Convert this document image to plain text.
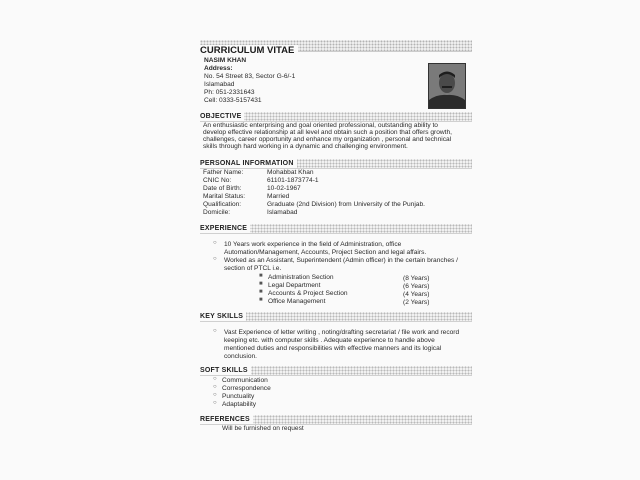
CURRICULUM VITAE
NASIM KHAN
Address:
No. 54 Street 83, Sector G-6/-1
Islamabad
Ph: 051-2331643
Cell: 0333-5157431
OBJECTIVE
An enthusiastic enterprising and goal oriented professional, outstanding ability to
develop effective relationship at all level and obtain such a position that offers growth,
challenges, career opportunity and enhance my organization , personal and technical
skills through hard working in a dynamic and challenging environment.
PERSONAL INFORMATION
Father Name:	Mohabbat Khan
CNIC No:	61101-1873774-1
Date of Birth:	10-02-1967
Marital Status:	Married
Qualification:	Graduate (2nd Division) from University of the Punjab.
Domicile:	Islamabad
EXPERIENCE
○ 10 Years work experience in the field of Administration, office
Automation/Management, Accounts, Project Section and legal affairs.
○ Worked as an Assistant, Superintendent (Admin officer) in the certain branches /
section of PTCL i.e.
■ Administration Section	(8 Years)
■ Legal Department	(6 Years)
■ Accounts & Project Section	(4 Years)
■ Office Management	(2 Years)
KEY SKILLS
○ Vast Experience of letter writing , noting/drafting secretariat / file work and record
keeping etc. with computer skills . Adequate experience to handle above
mentioned duties and responsibilities with effective manners and its logical
conclusion.
SOFT SKILLS
○ Communication
○ Correspondence
○ Punctuality
○ Adaptability
REFERENCES
Will be furnished on request
